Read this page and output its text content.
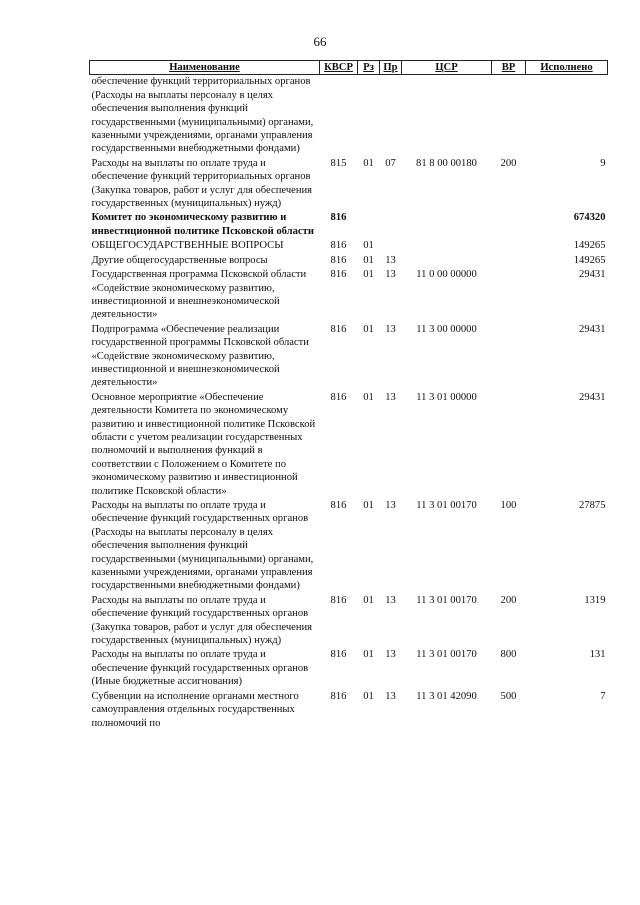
66
Наименование	КВСР	Рз	Пр	ЦСР	ВР	Исполнено
обеспечение функций территориальных органов (Расходы на выплаты персоналу в целях обеспечения выполнения функций государственными (муниципальными) органами, казенными учреждениями, органами управления государственными внебюджетными фондами)						
Расходы на выплаты по оплате труда и обеспечение функций территориальных органов (Закупка товаров, работ и услуг для обеспечения государственных (муниципальных) нужд)	815	01	07	81 8 00 00180	200	9
Комитет по экономическому развитию и инвестиционной политике Псковской области	816					674320
ОБЩЕГОСУДАРСТВЕННЫЕ ВОПРОСЫ	816	01				149265
Другие общегосударственные вопросы	816	01	13			149265
Государственная программа Псковской области «Содействие экономическому развитию, инвестиционной и внешнеэкономической деятельности»	816	01	13	11 0 00 00000		29431
Подпрограмма «Обеспечение реализации государственной программы Псковской области «Содействие экономическому развитию, инвестиционной и внешнеэкономической деятельности»	816	01	13	11 3 00 00000		29431
Основное мероприятие «Обеспечение деятельности Комитета по экономическому развитию и инвестиционной политике Псковской области с учетом реализации государственных полномочий и выполнения функций в соответствии с Положением о Комитете по экономическому развитию и инвестиционной политике Псковской области»	816	01	13	11 3 01 00000		29431
Расходы на выплаты по оплате труда и обеспечение функций государственных органов (Расходы на выплаты персоналу в целях обеспечения выполнения функций государственными (муниципальными) органами, казенными учреждениями, органами управления государственными внебюджетными фондами)	816	01	13	11 3 01 00170	100	27875
Расходы на выплаты по оплате труда и обеспечение функций государственных органов (Закупка товаров, работ и услуг для обеспечения государственных (муниципальных) нужд)	816	01	13	11 3 01 00170	200	1319
Расходы на выплаты по оплате труда и обеспечение функций государственных органов (Иные бюджетные ассигнования)	816	01	13	11 3 01 00170	800	131
Субвенции на исполнение органами местного самоуправления отдельных государственных полномочий по	816	01	13	11 3 01 42090	500	7
